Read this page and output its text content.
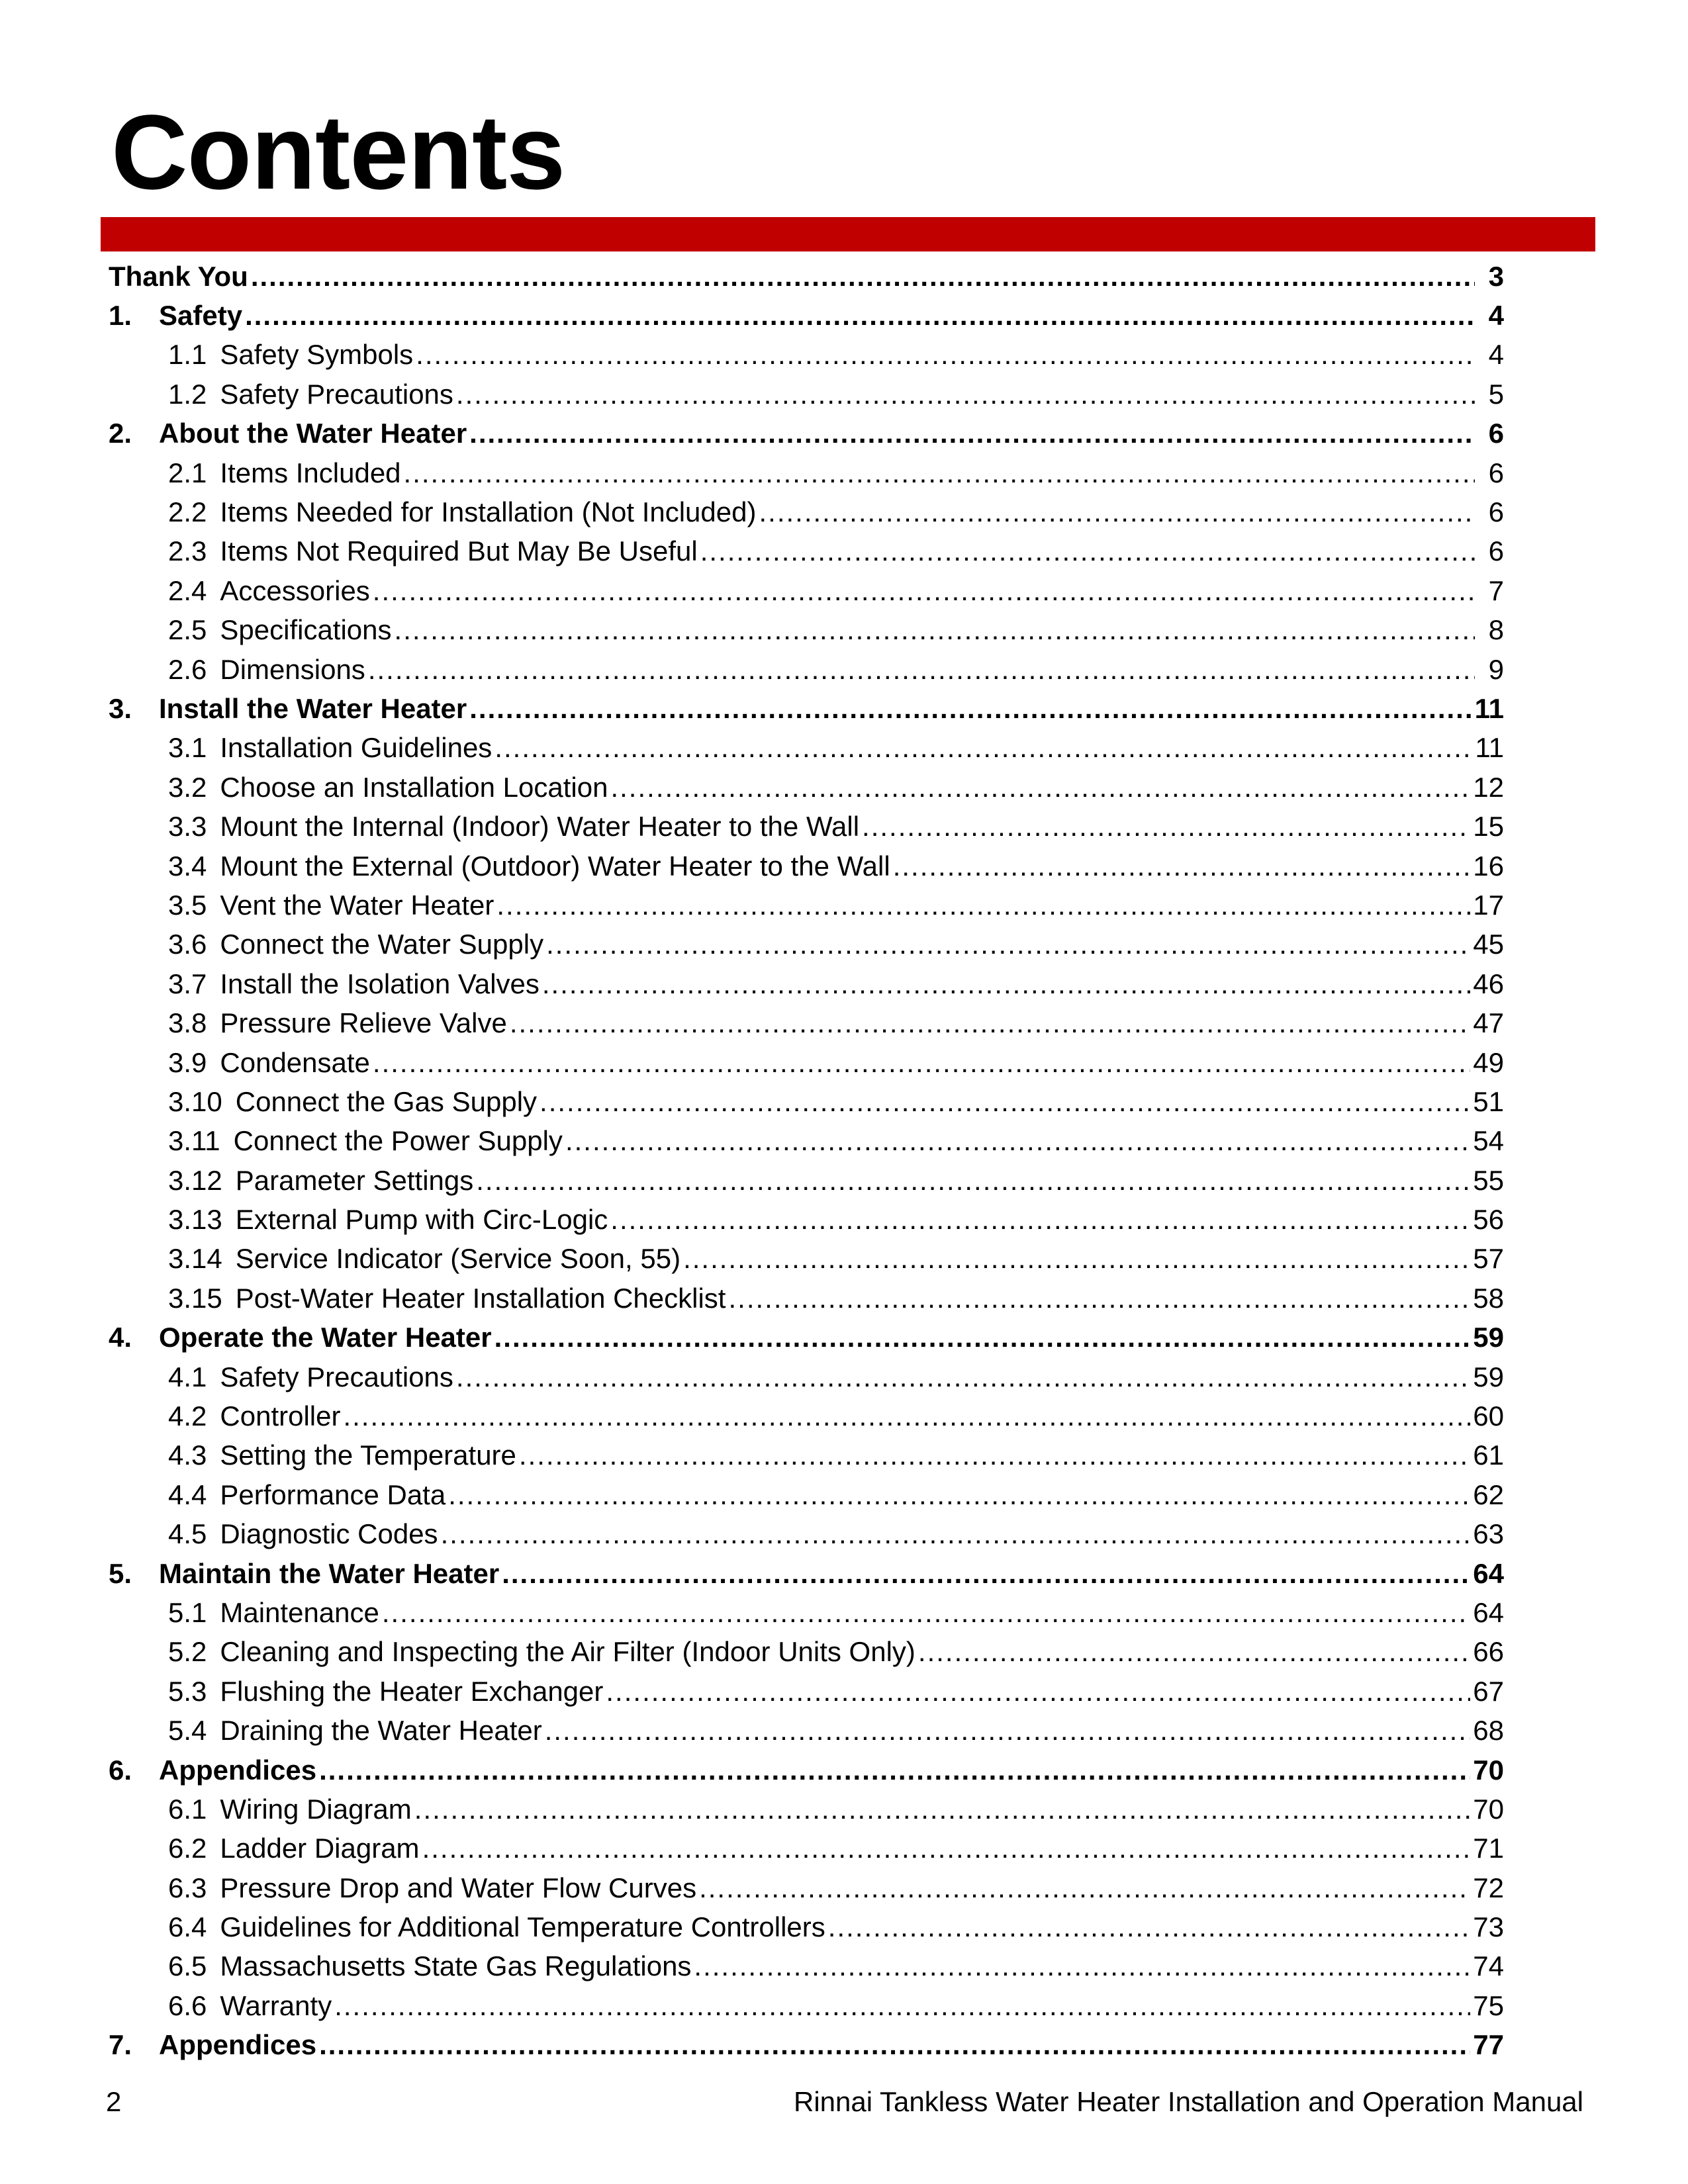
Contents
Thank You .....	3
1. Safety .....	4
1.1 Safety Symbols .....	4
1.2 Safety Precautions .....	5
2. About the Water Heater .....	6
2.1 Items Included .....	6
2.2 Items Needed for Installation (Not Included) .....	6
2.3 Items Not Required But May Be Useful .....	6
2.4 Accessories .....	7
2.5 Specifications .....	8
2.6 Dimensions .....	9
3. Install the Water Heater .....	11
3.1 Installation Guidelines .....	11
3.2 Choose an Installation Location .....	12
3.3 Mount the Internal (Indoor) Water Heater to the Wall .....	15
3.4 Mount the External (Outdoor) Water Heater to the Wall .....	16
3.5 Vent the Water Heater .....	17
3.6 Connect the Water Supply .....	45
3.7 Install the Isolation Valves .....	46
3.8 Pressure Relieve Valve .....	47
3.9 Condensate .....	49
3.10 Connect the Gas Supply .....	51
3.11 Connect the Power Supply .....	54
3.12 Parameter Settings .....	55
3.13 External Pump with Circ-Logic .....	56
3.14 Service Indicator (Service Soon, 55) .....	57
3.15 Post-Water Heater Installation Checklist .....	58
4. Operate the Water Heater .....	59
4.1 Safety Precautions .....	59
4.2 Controller .....	60
4.3 Setting the Temperature .....	61
4.4 Performance Data .....	62
4.5 Diagnostic Codes .....	63
5. Maintain the Water Heater .....	64
5.1 Maintenance .....	64
5.2 Cleaning and Inspecting the Air Filter (Indoor Units Only) .....	66
5.3 Flushing the Heater Exchanger .....	67
5.4 Draining the Water Heater .....	68
6. Appendices .....	70
6.1 Wiring Diagram .....	70
6.2 Ladder Diagram .....	71
6.3 Pressure Drop and Water Flow Curves .....	72
6.4 Guidelines for Additional Temperature Controllers .....	73
6.5 Massachusetts State Gas Regulations .....	74
6.6 Warranty .....	75
7. Appendices .....	77
2	Rinnai Tankless Water Heater Installation and Operation Manual
